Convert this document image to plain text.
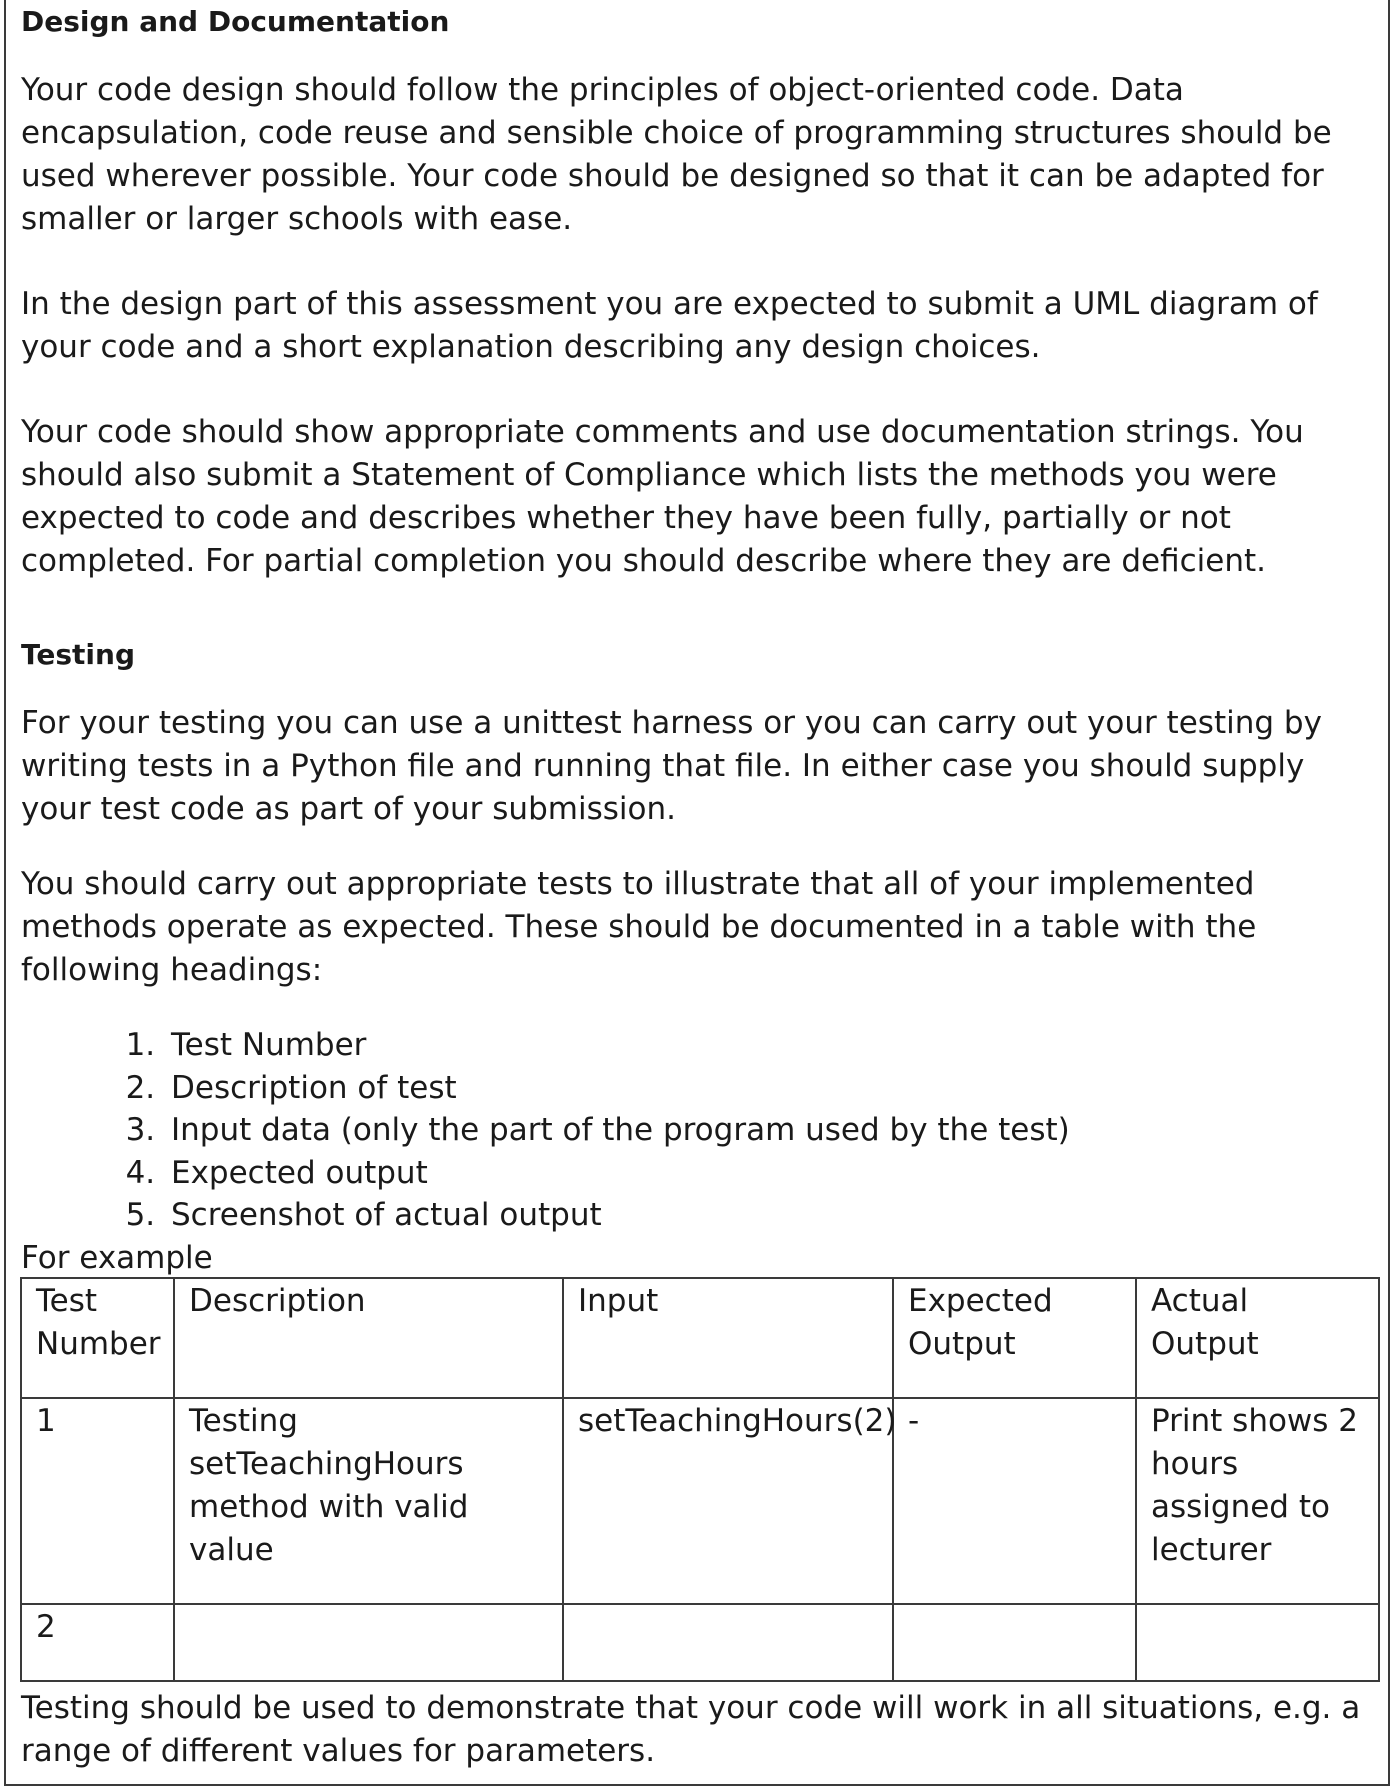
Design and Documentation

Your code design should follow the principles of object-oriented code. Data encapsulation, code reuse and sensible choice of programming structures should be used wherever possible. Your code should be designed so that it can be adapted for smaller or larger schools with ease.

In the design part of this assessment you are expected to submit a UML diagram of your code and a short explanation describing any design choices.

Your code should show appropriate comments and use documentation strings. You should also submit a Statement of Compliance which lists the methods you were expected to code and describes whether they have been fully, partially or not completed. For partial completion you should describe where they are deficient.

Testing

For your testing you can use a unittest harness or you can carry out your testing by writing tests in a Python file and running that file. In either case you should supply your test code as part of your submission.

You should carry out appropriate tests to illustrate that all of your implemented methods operate as expected. These should be documented in a table with the following headings:

1. Test Number
2. Description of test
3. Input data (only the part of the program used by the test)
4. Expected output
5. Screenshot of actual output

For example

Test Number	Description	Input	Expected Output	Actual Output
1	Testing setTeachingHours method with valid value	setTeachingHours(2)	-	Print shows 2 hours assigned to lecturer
2				

Testing should be used to demonstrate that your code will work in all situations, e.g. a range of different values for parameters.
